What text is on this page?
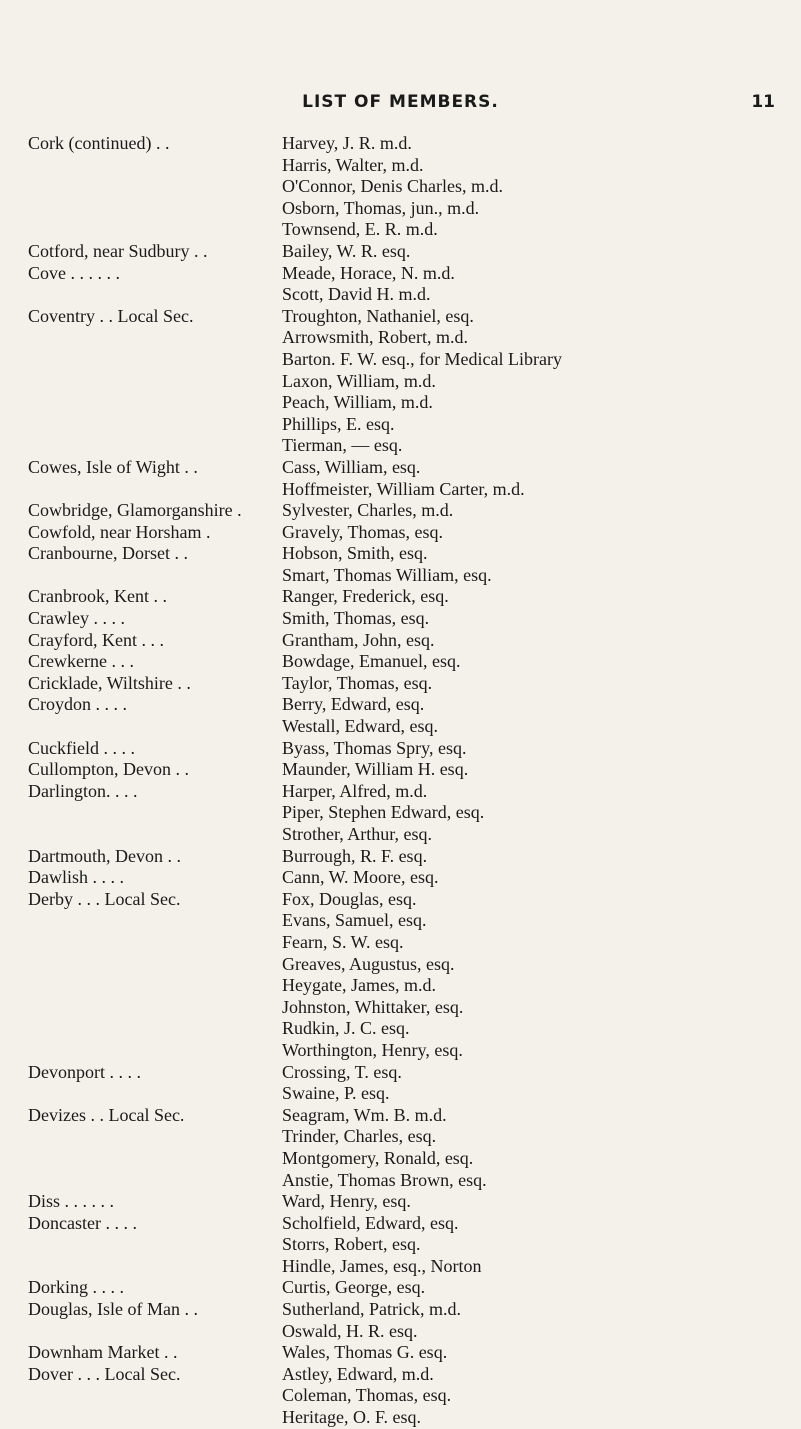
LIST OF MEMBERS.	11
Cork (continued) . .	Harvey, J. R. m.d.
Harris, Walter, m.d.
O'Connor, Denis Charles, m.d.
Osborn, Thomas, jun., m.d.
Townsend, E. R. m.d.
Cotford, near Sudbury . .	Bailey, W. R. esq.
Cove . . . . . .	Meade, Horace, N. m.d.
Scott, David H. m.d.
Coventry . . Local Sec.	Troughton, Nathaniel, esq.
Arrowsmith, Robert, m.d.
Barton. F. W. esq., for Medical Library
Laxon, William, m.d.
Peach, William, m.d.
Phillips, E. esq.
Tierman, — esq.
Cowes, Isle of Wight . .	Cass, William, esq.
Hoffmeister, William Carter, m.d.
Cowbridge, Glamorganshire .	Sylvester, Charles, m.d.
Cowfold, near Horsham .	Gravely, Thomas, esq.
Cranbourne, Dorset . .	Hobson, Smith, esq.
Smart, Thomas William, esq.
Cranbrook, Kent . .	Ranger, Frederick, esq.
Crawley . . . .	Smith, Thomas, esq.
Crayford, Kent . . .	Grantham, John, esq.
Crewkerne . . .	Bowdage, Emanuel, esq.
Cricklade, Wiltshire . .	Taylor, Thomas, esq.
Croydon . . . .	Berry, Edward, esq.
Westall, Edward, esq.
Cuckfield . . . .	Byass, Thomas Spry, esq.
Cullompton, Devon . .	Maunder, William H. esq.
Darlington. . . .	Harper, Alfred, m.d.
Piper, Stephen Edward, esq.
Strother, Arthur, esq.
Dartmouth, Devon . .	Burrough, R. F. esq.
Dawlish . . . .	Cann, W. Moore, esq.
Derby . . . Local Sec.	Fox, Douglas, esq.
Evans, Samuel, esq.
Fearn, S. W. esq.
Greaves, Augustus, esq.
Heygate, James, m.d.
Johnston, Whittaker, esq.
Rudkin, J. C. esq.
Worthington, Henry, esq.
Devonport . . . .	Crossing, T. esq.
Swaine, P. esq.
Devizes . . Local Sec.	Seagram, Wm. B. m.d.
Trinder, Charles, esq.
Montgomery, Ronald, esq.
Anstie, Thomas Brown, esq.
Diss . . . . . .	Ward, Henry, esq.
Doncaster . . . .	Scholfield, Edward, esq.
Storrs, Robert, esq.
Hindle, James, esq., Norton
Dorking . . . .	Curtis, George, esq.
Douglas, Isle of Man . .	Sutherland, Patrick, m.d.
Oswald, H. R. esq.
Downham Market . .	Wales, Thomas G. esq.
Dover . . . Local Sec.	Astley, Edward, m.d.
Coleman, Thomas, esq.
Heritage, O. F. esq.
